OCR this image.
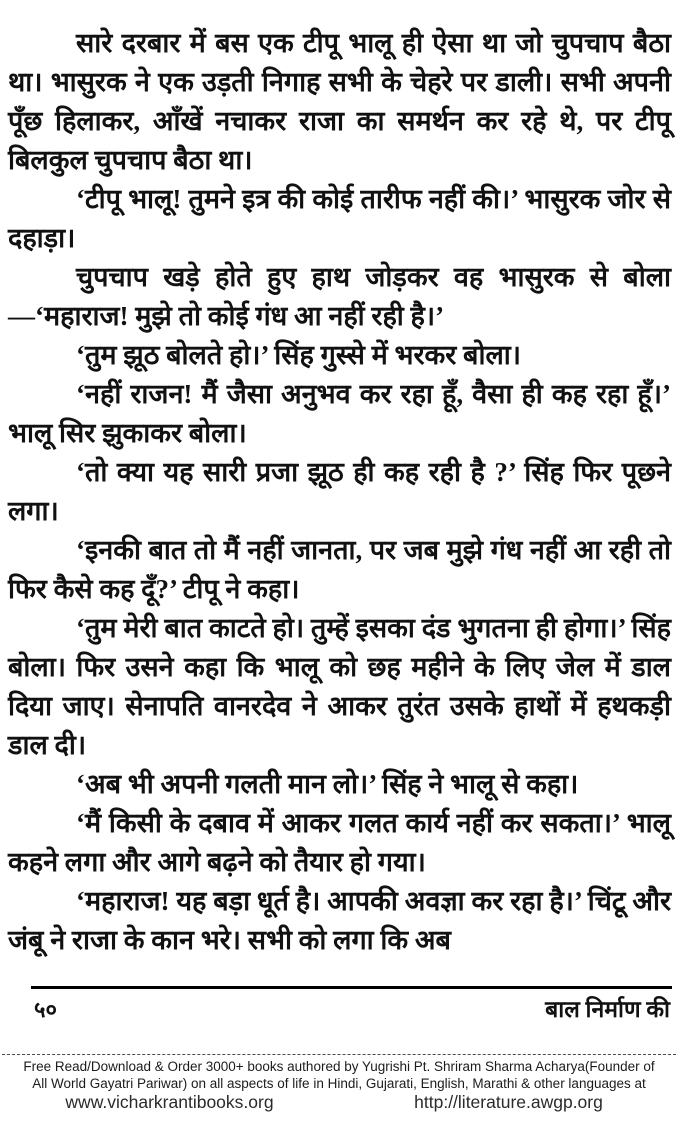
सारे दरबार में बस एक टीपू भालू ही ऐसा था जो चुपचाप बैठा था। भासुरक ने एक उड़ती निगाह सभी के चेहरे पर डाली। सभी अपनी पूँछ हिलाकर, आँखें नचाकर राजा का समर्थन कर रहे थे, पर टीपू बिलकुल चुपचाप बैठा था।

‘टीपू भालू! तुमने इत्र की कोई तारीफ नहीं की।’ भासुरक जोर से दहाड़ा।

चुपचाप खड़े होते हुए हाथ जोड़कर वह भासुरक से बोला—‘महाराज! मुझे तो कोई गंध आ नहीं रही है।’

‘तुम झूठ बोलते हो।’ सिंह गुस्से में भरकर बोला।

‘नहीं राजन! मैं जैसा अनुभव कर रहा हूँ, वैसा ही कह रहा हूँ।’ भालू सिर झुकाकर बोला।

‘तो क्या यह सारी प्रजा झूठ ही कह रही है ?’ सिंह फिर पूछने लगा।

‘इनकी बात तो मैं नहीं जानता, पर जब मुझे गंध नहीं आ रही तो फिर कैसे कह दूँ?’ टीपू ने कहा।

‘तुम मेरी बात काटते हो। तुम्हें इसका दंड भुगतना ही होगा।’ सिंह बोला। फिर उसने कहा कि भालू को छह महीने के लिए जेल में डाल दिया जाए। सेनापति वानरदेव ने आकर तुरंत उसके हाथों में हथकड़ी डाल दी।

‘अब भी अपनी गलती मान लो।’ सिंह ने भालू से कहा।

‘मैं किसी के दबाव में आकर गलत कार्य नहीं कर सकता।’ भालू कहने लगा और आगे बढ़ने को तैयार हो गया।

‘महाराज! यह बड़ा धूर्त है। आपकी अवज्ञा कर रहा है।’ चिंटू और जंबू ने राजा के कान भरे। सभी को लगा कि अब

५०	बाल निर्माण की
Free Read/Download & Order 3000+ books authored by Yugrishi Pt. Shriram Sharma Acharya(Founder of
All World Gayatri Pariwar) on all aspects of life in Hindi, Gujarati, English, Marathi & other languages at
www.vicharkrantibooks.org	http://literature.awgp.org
